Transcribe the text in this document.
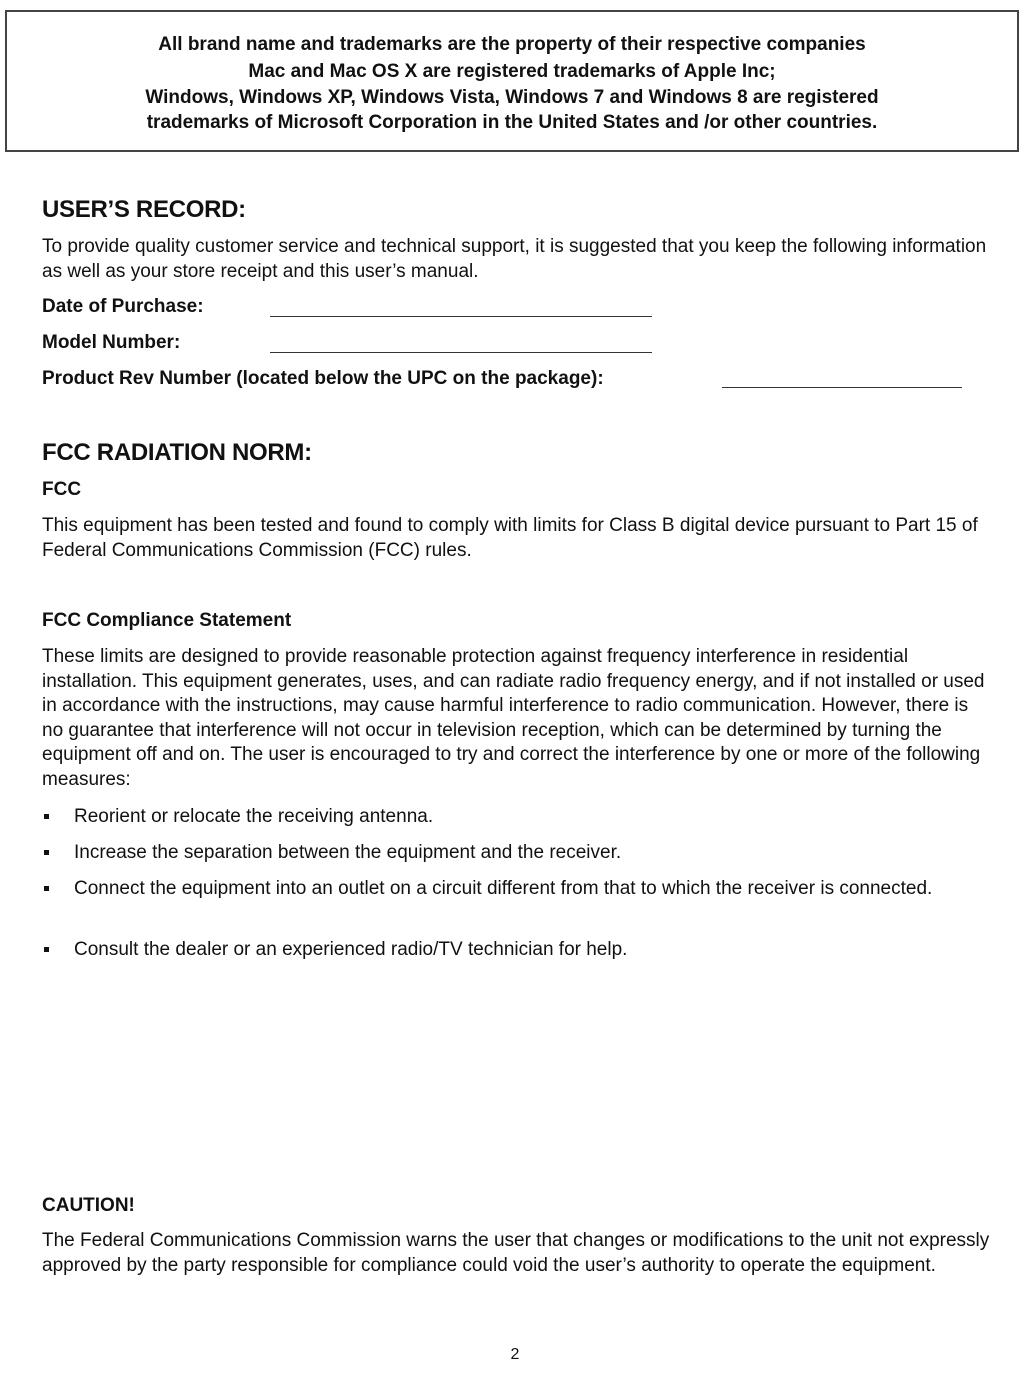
All brand name and trademarks are the property of their respective companies

Mac and Mac OS X are registered trademarks of Apple Inc;

Windows, Windows XP, Windows Vista, Windows 7 and Windows 8 are registered

trademarks of Microsoft Corporation in the United States and /or other countries.

USER’S RECORD:

To provide quality customer service and technical support, it is suggested that you keep the following information as well as your store receipt and this user’s manual.

Date of Purchase:
Model Number:
Product Rev Number (located below the UPC on the package):
FCC RADIATION NORM:
FCC

This equipment has been tested and found to comply with limits for Class B digital device pursuant to Part 15 of Federal Communications Commission (FCC) rules.

FCC Compliance Statement

These limits are designed to provide reasonable protection against frequency interference in residential installation. This equipment generates, uses, and can radiate radio frequency energy, and if not installed or used in accordance with the instructions, may cause harmful interference to radio communication. However, there is no guarantee that interference will not occur in television reception, which can be determined by turning the equipment off and on. The user is encouraged to try and correct the interference by one or more of the following measures:

Reorient or relocate the receiving antenna.
Increase the separation between the equipment and the receiver.
Connect the equipment into an outlet on a circuit different from that to which the receiver is connected.
Consult the dealer or an experienced radio/TV technician for help.
CAUTION!

The Federal Communications Commission warns the user that changes or modifications to the unit not expressly approved by the party responsible for compliance could void the user’s authority to operate the equipment.

2
